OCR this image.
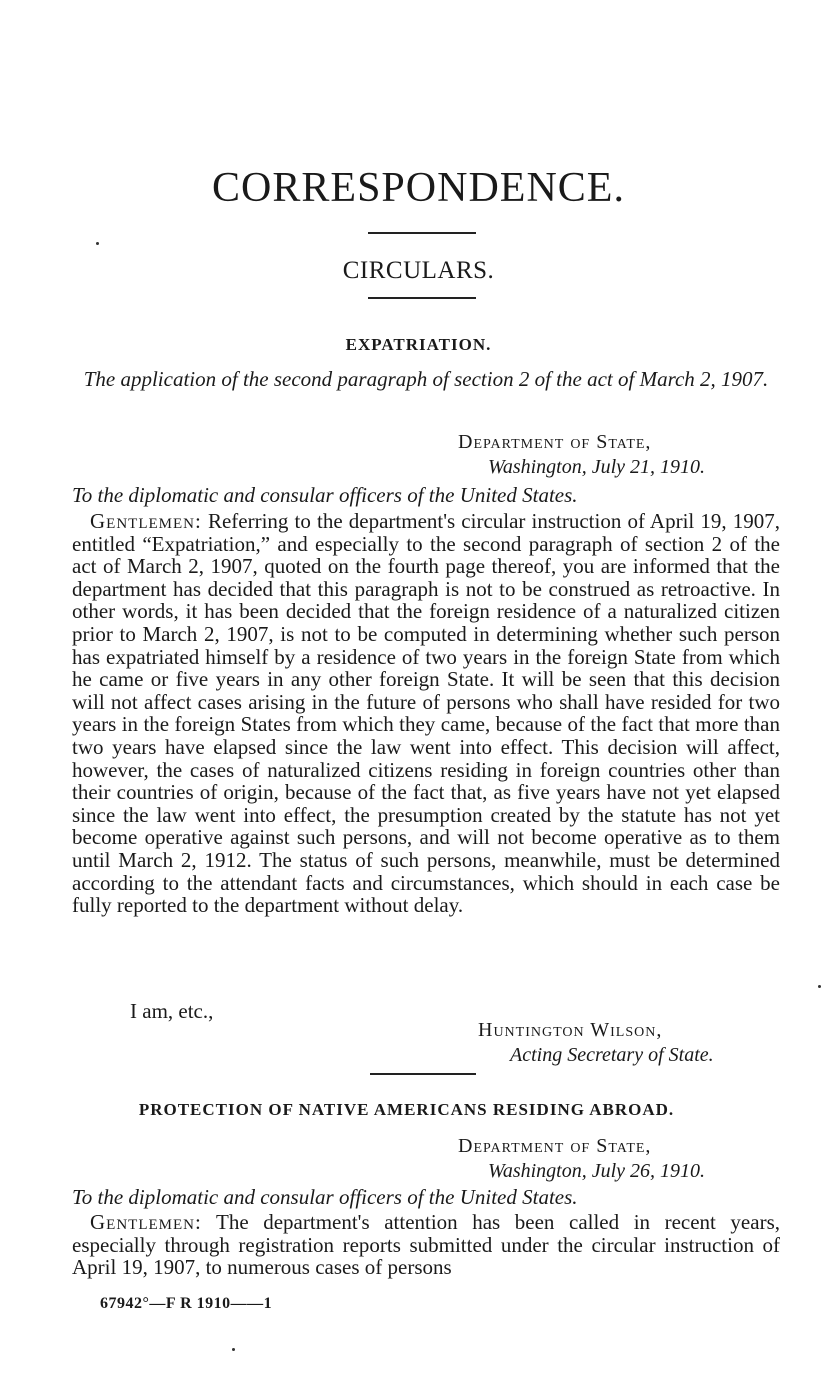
CORRESPONDENCE.
CIRCULARS.
EXPATRIATION.
The application of the second paragraph of section 2 of the act of March 2, 1907.
Department of State,
Washington, July 21, 1910.
To the diplomatic and consular officers of the United States.
Gentlemen: Referring to the department's circular instruction of April 19, 1907, entitled “Expatriation,” and especially to the second paragraph of section 2 of the act of March 2, 1907, quoted on the fourth page thereof, you are informed that the department has decided that this paragraph is not to be construed as retroactive. In other words, it has been decided that the foreign residence of a naturalized citizen prior to March 2, 1907, is not to be computed in determining whether such person has expatriated himself by a residence of two years in the foreign State from which he came or five years in any other foreign State. It will be seen that this decision will not affect cases arising in the future of persons who shall have resided for two years in the foreign States from which they came, because of the fact that more than two years have elapsed since the law went into effect. This decision will affect, however, the cases of naturalized citizens residing in foreign countries other than their countries of origin, because of the fact that, as five years have not yet elapsed since the law went into effect, the presumption created by the statute has not yet become operative against such persons, and will not become operative as to them until March 2, 1912. The status of such persons, meanwhile, must be determined according to the attendant facts and circumstances, which should in each case be fully reported to the department without delay.
I am, etc.,
Huntington Wilson,
Acting Secretary of State.
PROTECTION OF NATIVE AMERICANS RESIDING ABROAD.
Department of State,
Washington, July 26, 1910.
To the diplomatic and consular officers of the United States.
Gentlemen: The department's attention has been called in recent years, especially through registration reports submitted under the circular instruction of April 19, 1907, to numerous cases of persons
67942°—F R 1910——1
